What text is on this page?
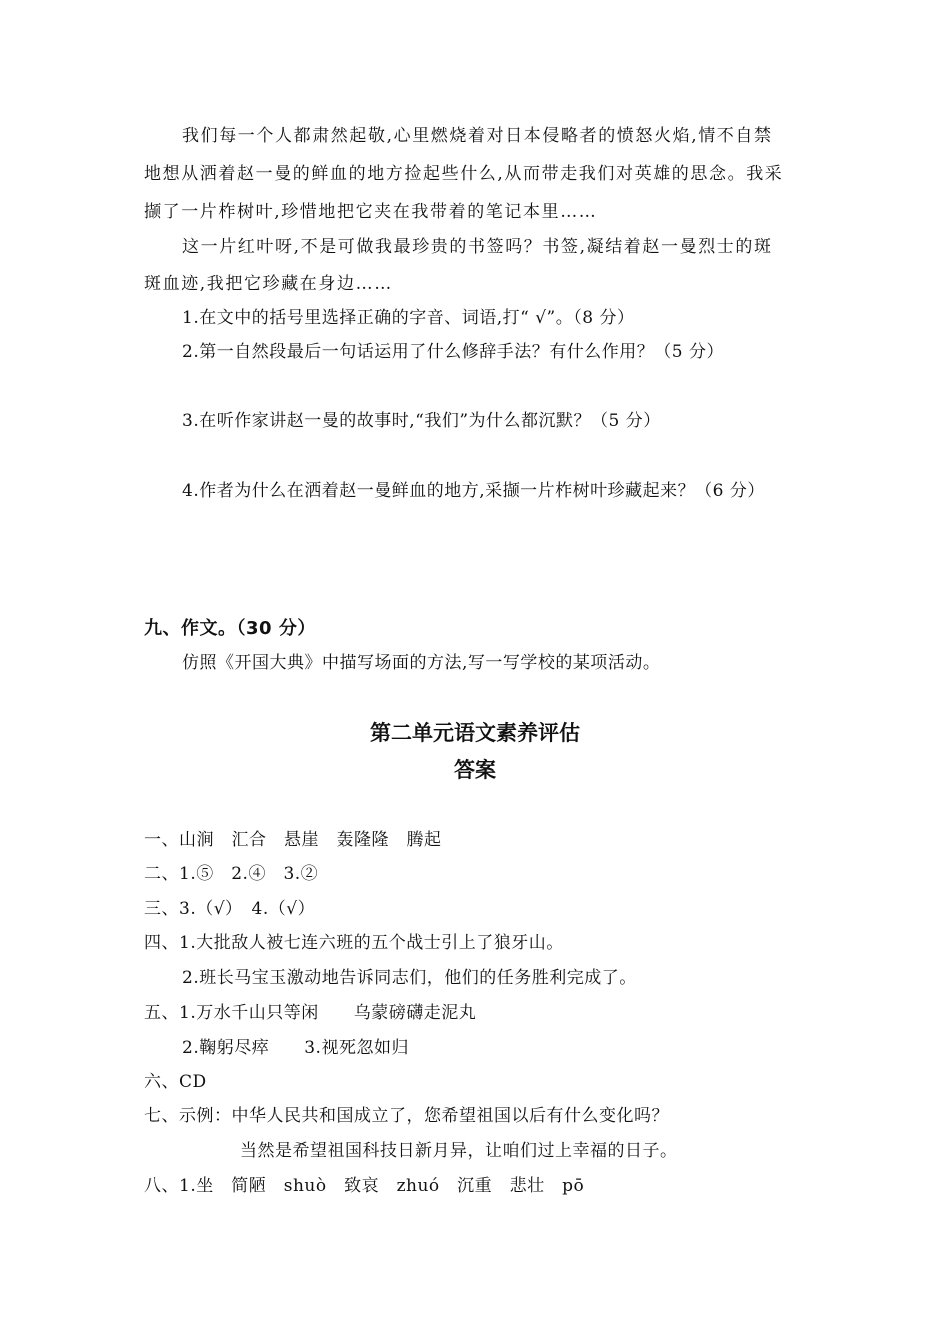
我们每一个人都肃然起敬,心里燃烧着对日本侵略者的愤怒火焰,情不自禁
地想从洒着赵一曼的鲜血的地方捡起些什么,从而带走我们对英雄的思念。我采
撷了一片柞树叶,珍惜地把它夹在我带着的笔记本里……
这一片红叶呀,不是可做我最珍贵的书签吗？书签,凝结着赵一曼烈士的斑
斑血迹,我把它珍藏在身边……
1.在文中的括号里选择正确的字音、词语,打“ √”。（8 分）
2.第一自然段最后一句话运用了什么修辞手法？有什么作用？（5 分）
3.在听作家讲赵一曼的故事时,“我们”为什么都沉默？（5 分）
4.作者为什么在洒着赵一曼鲜血的地方,采撷一片柞树叶珍藏起来？（6 分）
九、作文。（30 分）
仿照《开国大典》中描写场面的方法,写一写学校的某项活动。
第二单元语文素养评估
答案
一、山涧　汇合　悬崖　轰隆隆　腾起
二、1.⑤　2.④　3.②
三、3.（√）　4.（√）
四、1.大批敌人被七连六班的五个战士引上了狼牙山。
2.班长马宝玉激动地告诉同志们，他们的任务胜利完成了。
五、1.万水千山只等闲　　乌蒙磅礴走泥丸
2.鞠躬尽瘁　　3.视死忽如归
六、CD
七、示例：中华人民共和国成立了，您希望祖国以后有什么变化吗？
当然是希望祖国科技日新月异，让咱们过上幸福的日子。
八、1.坐　简陋　shuò　致哀　zhuó　沉重　悲壮　pō
